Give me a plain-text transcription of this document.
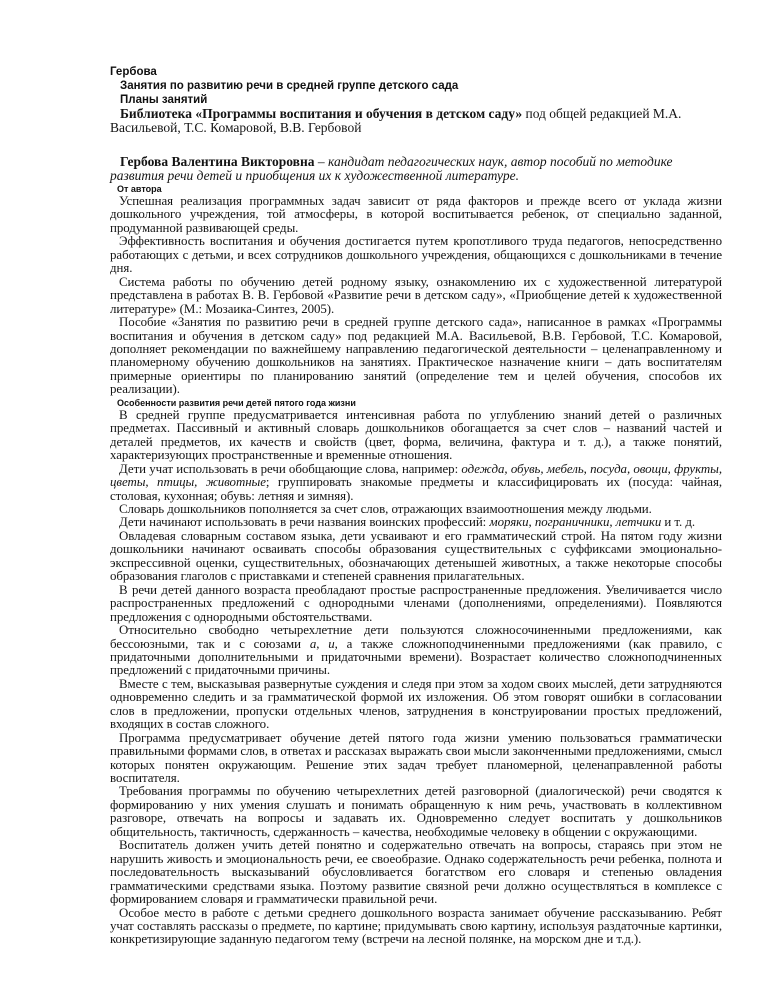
Гербова
Занятия по развитию речи в средней группе детского сада
Планы занятий

Библиотека «Программы воспитания и обучения в детском саду» под общей редакцией М.А. Васильевой, Т.С. Комаровой, В.В. Гербовой

Гербова Валентина Викторовна – кандидат педагогических наук, автор пособий по методике развития речи детей и приобщения их к художественной литературе.

От автора

Успешная реализация программных задач зависит от ряда факторов и прежде всего от уклада жизни дошкольного учреждения, той атмосферы, в которой воспитывается ребенок, от специально заданной, продуманной развивающей среды.

Эффективность воспитания и обучения достигается путем кропотливого труда педагогов, непосредственно работающих с детьми, и всех сотрудников дошкольного учреждения, общающихся с дошкольниками в течение дня.

Система работы по обучению детей родному языку, ознакомлению их с художественной литературой представлена в работах В. В. Гербовой «Развитие речи в детском саду», «Приобщение детей к художественной литературе» (М.: Мозаика-Синтез, 2005).

Пособие «Занятия по развитию речи в средней группе детского сада», написанное в рамках «Программы воспитания и обучения в детском саду» под редакцией М.А. Васильевой, В.В. Гербовой, Т.С. Комаровой, дополняет рекомендации по важнейшему направлению педагогической деятельности – целенаправленному и планомерному обучению дошкольников на занятиях. Практическое назначение книги – дать воспитателям примерные ориентиры по планированию занятий (определение тем и целей обучения, способов их реализации).

Особенности развития речи детей пятого года жизни

В средней группе предусматривается интенсивная работа по углублению знаний детей о различных предметах. Пассивный и активный словарь дошкольников обогащается за счет слов – названий частей и деталей предметов, их качеств и свойств (цвет, форма, величина, фактура и т. д.), а также понятий, характеризующих пространственные и временные отношения.

Дети учат использовать в речи обобщающие слова, например: одежда, обувь, мебель, посуда, овощи, фрукты, цветы, птицы, животные; группировать знакомые предметы и классифицировать их (посуда: чайная, столовая, кухонная; обувь: летняя и зимняя).

Словарь дошкольников пополняется за счет слов, отражающих взаимоотношения между людьми.

Дети начинают использовать в речи названия воинских профессий: моряки, пограничники, летчики и т. д.

Овладевая словарным составом языка, дети усваивают и его грамматический строй. На пятом году жизни дошкольники начинают осваивать способы образования существительных с суффиксами эмоционально-экспрессивной оценки, существительных, обозначающих детенышей животных, а также некоторые способы образования глаголов с приставками и степеней сравнения прилагательных.

В речи детей данного возраста преобладают простые распространенные предложения. Увеличивается число распространенных предложений с однородными членами (дополнениями, определениями). Появляются предложения с однородными обстоятельствами.

Относительно свободно четырехлетние дети пользуются сложносочиненными предложениями, как бессоюзными, так и с союзами а, и, а также сложноподчиненными предложениями (как правило, с придаточными дополнительными и придаточными времени). Возрастает количество сложноподчиненных предложений с придаточными причины.

Вместе с тем, высказывая развернутые суждения и следя при этом за ходом своих мыслей, дети затрудняются одновременно следить и за грамматической формой их изложения. Об этом говорят ошибки в согласовании слов в предложении, пропуски отдельных членов, затруднения в конструировании простых предложений, входящих в состав сложного.

Программа предусматривает обучение детей пятого года жизни умению пользоваться грамматически правильными формами слов, в ответах и рассказах выражать свои мысли законченными предложениями, смысл которых понятен окружающим. Решение этих задач требует планомерной, целенаправленной работы воспитателя.

Требования программы по обучению четырехлетних детей разговорной (диалогической) речи сводятся к формированию у них умения слушать и понимать обращенную к ним речь, участвовать в коллективном разговоре, отвечать на вопросы и задавать их. Одновременно следует воспитать у дошкольников общительность, тактичность, сдержанность – качества, необходимые человеку в общении с окружающими.

Воспитатель должен учить детей понятно и содержательно отвечать на вопросы, стараясь при этом не нарушить живость и эмоциональность речи, ее своеобразие. Однако содержательность речи ребенка, полнота и последовательность высказываний обусловливается богатством его словаря и степенью овладения грамматическими средствами языка. Поэтому развитие связной речи должно осуществляться в комплексе с формированием словаря и грамматически правильной речи.

Особое место в работе с детьми среднего дошкольного возраста занимает обучение рассказыванию. Ребят учат составлять рассказы о предмете, по картине; придумывать свою картину, используя раздаточные картинки, конкретизирующие заданную педагогом тему (встречи на лесной полянке, на морском дне и т.д.).
